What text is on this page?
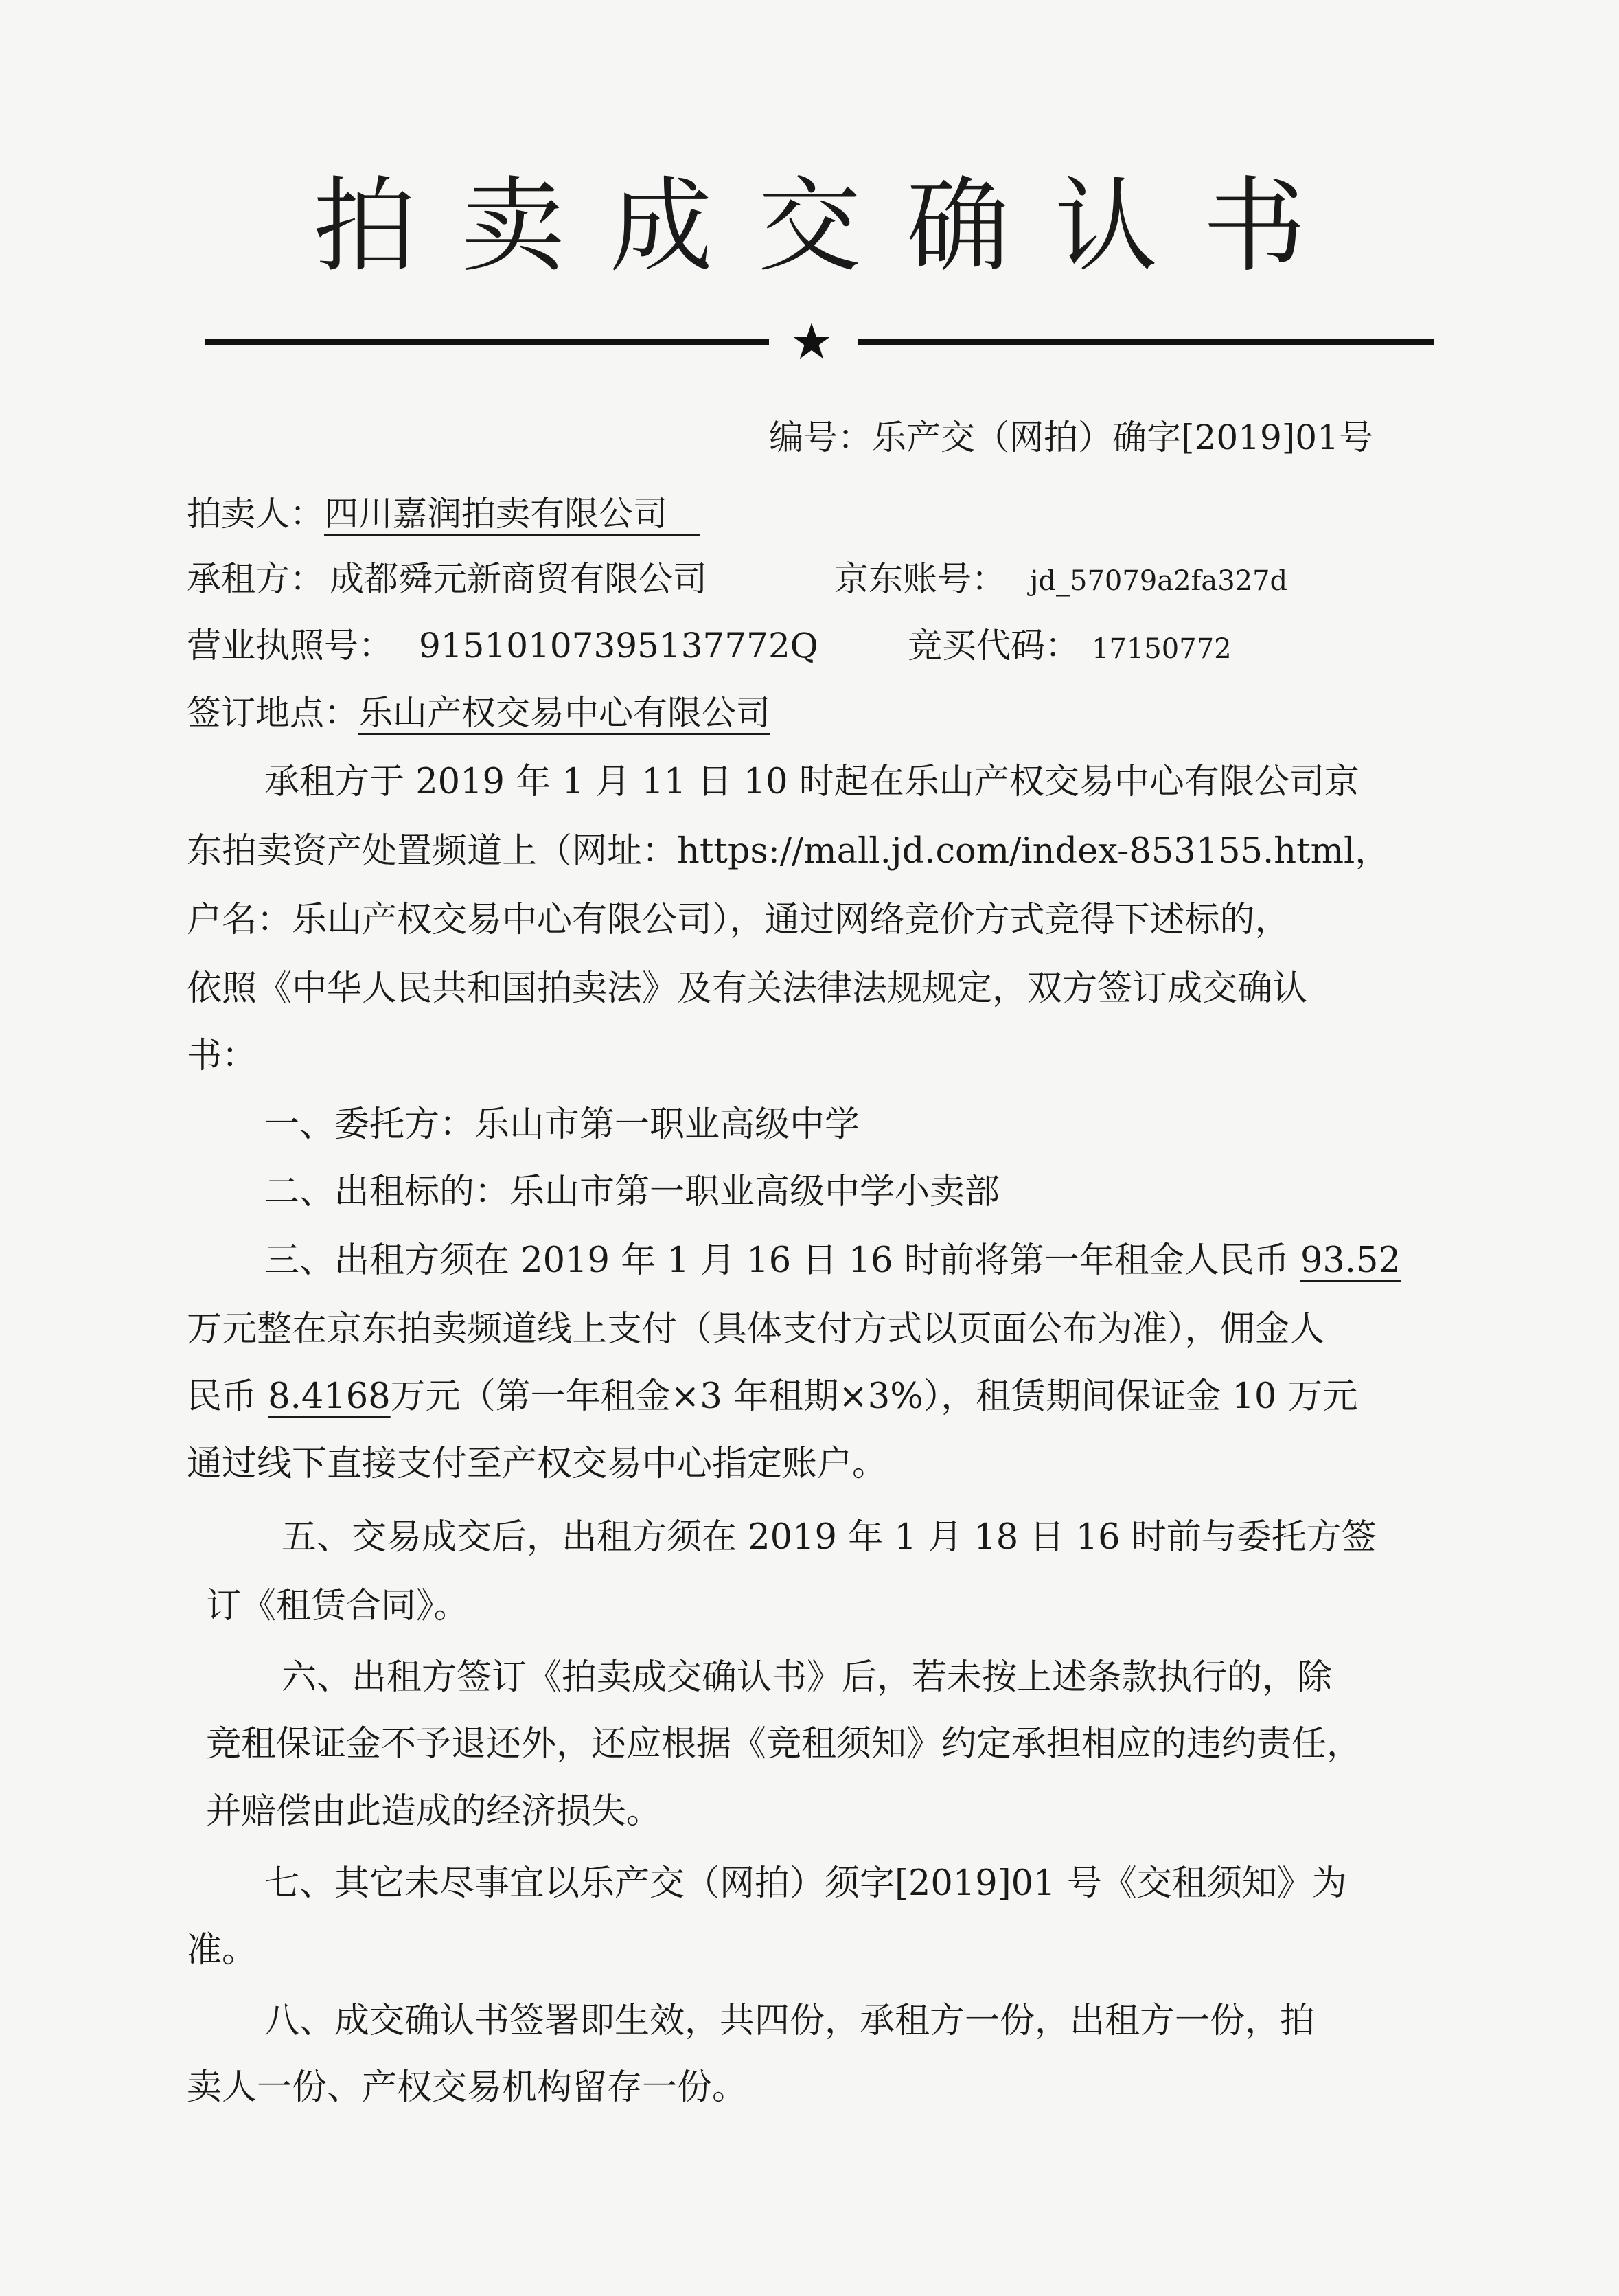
拍卖成交确认书
★
编号：乐产交（网拍）确字[2019]01号
拍卖人：四川嘉润拍卖有限公司
承租方： 成都舜元新商贸有限公司	京东账号： jd_57079a2fa327d
营业执照号： 91510107395137772Q	竞买代码： 17150772
签订地点：乐山产权交易中心有限公司
承租方于 2019 年 1 月 11 日 10 时起在乐山产权交易中心有限公司京
东拍卖资产处置频道上（网址：https://mall.jd.com/index-853155.html，
户名：乐山产权交易中心有限公司），通过网络竞价方式竞得下述标的，
依照《中华人民共和国拍卖法》及有关法律法规规定，双方签订成交确认
书：
一、委托方：乐山市第一职业高级中学
二、出租标的：乐山市第一职业高级中学小卖部
三、出租方须在 2019 年 1 月 16 日 16 时前将第一年租金人民币 93.52
万元整在京东拍卖频道线上支付（具体支付方式以页面公布为准），佣金人
民币 8.4168万元（第一年租金×3 年租期×3%），租赁期间保证金 10 万元
通过线下直接支付至产权交易中心指定账户。
五、交易成交后，出租方须在 2019 年 1 月 18 日 16 时前与委托方签
订《租赁合同》。
六、出租方签订《拍卖成交确认书》后，若未按上述条款执行的，除
竞租保证金不予退还外，还应根据《竞租须知》约定承担相应的违约责任，
并赔偿由此造成的经济损失。
七、其它未尽事宜以乐产交（网拍）须字[2019]01 号《交租须知》为
准。
八、成交确认书签署即生效，共四份，承租方一份，出租方一份，拍
卖人一份、产权交易机构留存一份。
